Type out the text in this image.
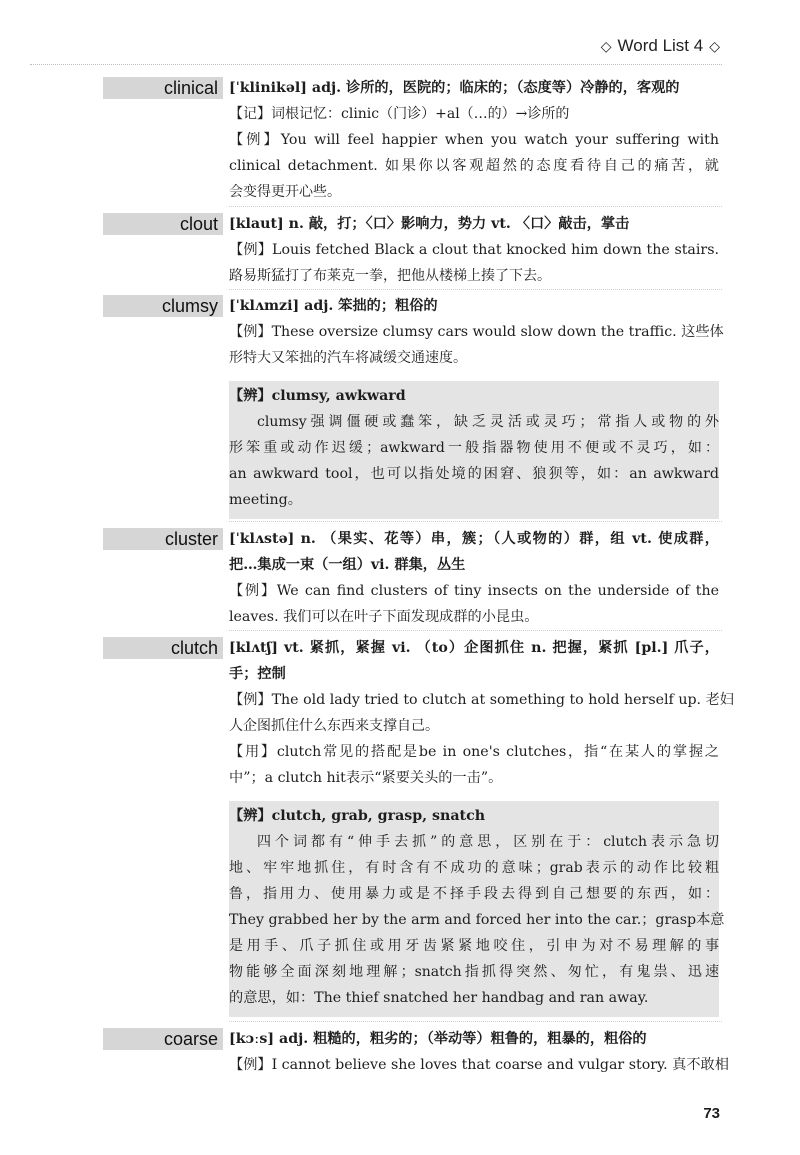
◇ Word List 4 ◇
clinical [ˈklinikəl] adj. 诊所的，医院的；临床的；（态度等）冷静的，客观的
【记】词根记忆：clinic（门诊）+al（…的）→诊所的
【例】You will feel happier when you watch your suffering with
clinical detachment. 如果你以客观超然的态度看待自己的痛苦，就
会变得更开心些。
clout [klaut] n. 敲，打；〈口〉影响力，势力 vt. 〈口〉敲击，掌击
【例】Louis fetched Black a clout that knocked him down the stairs.
路易斯猛打了布莱克一拳，把他从楼梯上揍了下去。
clumsy [ˈklʌmzi] adj. 笨拙的；粗俗的
【例】These oversize clumsy cars would slow down the traffic. 这些体
形特大又笨拙的汽车将减缓交通速度。
【辨】clumsy, awkward
clumsy强调僵硬或蠢笨，缺乏灵活或灵巧；常指人或物的外
形笨重或动作迟缓；awkward一般指器物使用不便或不灵巧，如：
an awkward tool，也可以指处境的困窘、狼狈等，如：an awkward
meeting。
cluster [ˈklʌstə] n. （果实、花等）串，簇；（人或物的）群，组 vt. 使成群，
把…集成一束（一组）vi. 群集，丛生
【例】We can find clusters of tiny insects on the underside of the
leaves. 我们可以在叶子下面发现成群的小昆虫。
clutch [klʌtʃ] vt. 紧抓，紧握 vi. （to）企图抓住 n. 把握，紧抓 [pl.] 爪子，
手；控制
【例】The old lady tried to clutch at something to hold herself up. 老妇
人企图抓住什么东西来支撑自己。
【用】clutch常见的搭配是be in one's clutches，指“在某人的掌握之
中”；a clutch hit表示“紧要关头的一击”。
【辨】clutch, grab, grasp, snatch
四个词都有“伸手去抓”的意思，区别在于：clutch表示急切
地、牢牢地抓住，有时含有不成功的意味；grab表示的动作比较粗
鲁，指用力、使用暴力或是不择手段去得到自己想要的东西，如：
They grabbed her by the arm and forced her into the car.；grasp本意
是用手、爪子抓住或用牙齿紧紧地咬住，引申为对不易理解的事
物能够全面深刻地理解；snatch指抓得突然、匆忙，有鬼祟、迅速
的意思，如：The thief snatched her handbag and ran away.
coarse [kɔːs] adj. 粗糙的，粗劣的；（举动等）粗鲁的，粗暴的，粗俗的
【例】I cannot believe she loves that coarse and vulgar story. 真不敢相
73
